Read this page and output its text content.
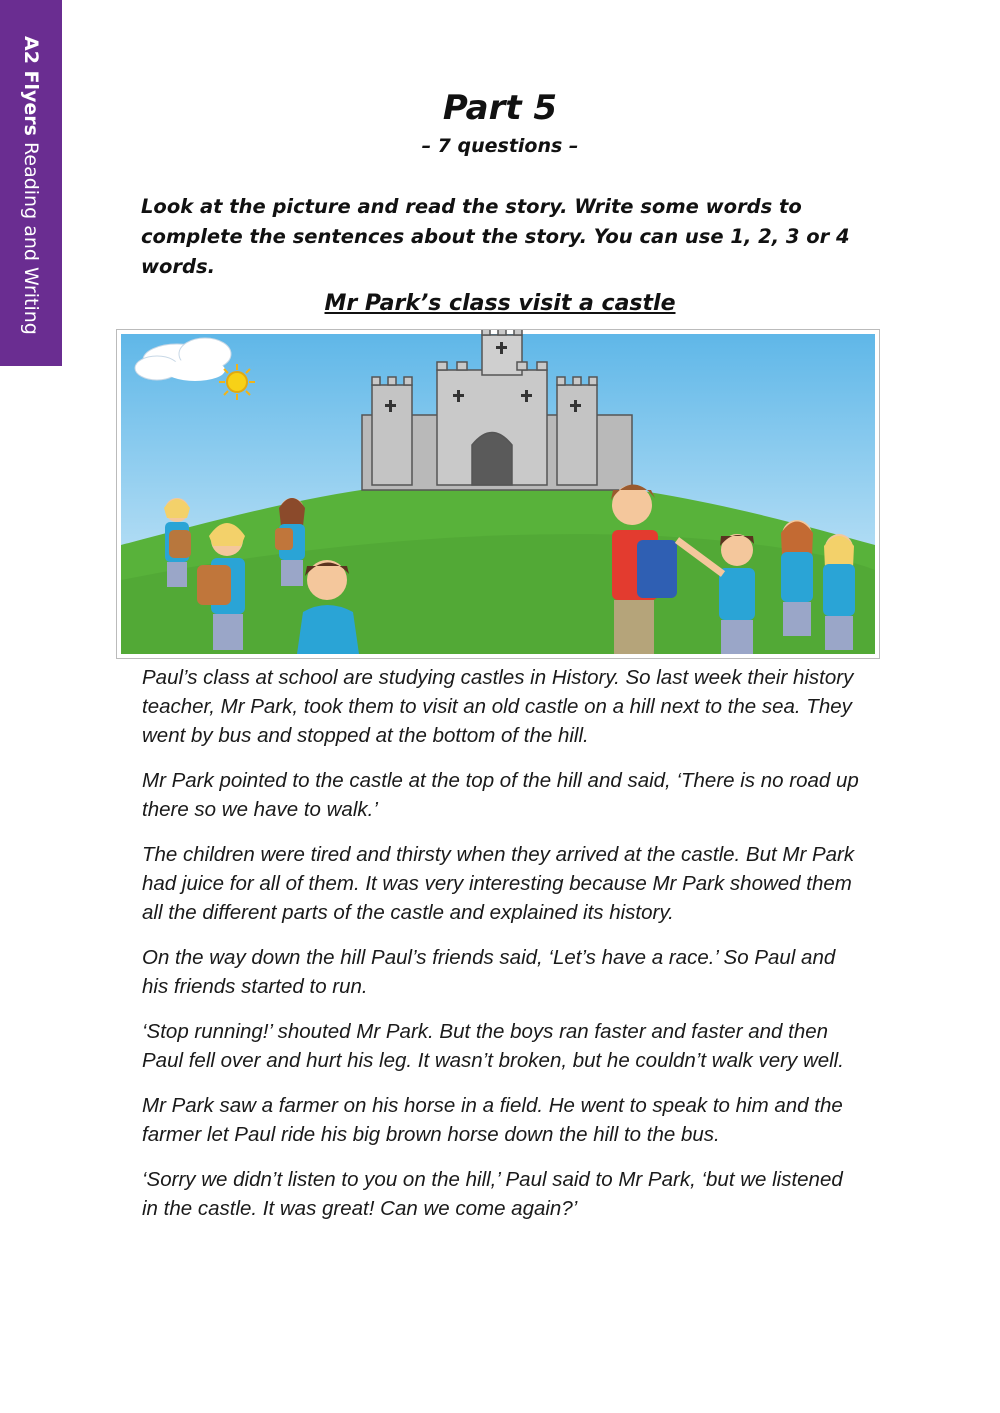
A2 Flyers Reading and Writing
Part 5
– 7 questions –
Look at the picture and read the story. Write some words to complete the sentences about the story. You can use 1, 2, 3 or 4 words.
Mr Park’s class visit a castle

Paul’s class at school are studying castles in History. So last week their history teacher, Mr Park, took them to visit an old castle on a hill next to the sea. They went by bus and stopped at the bottom of the hill.

Mr Park pointed to the castle at the top of the hill and said, ‘There is no road up there so we have to walk.’

The children were tired and thirsty when they arrived at the castle. But Mr Park had juice for all of them. It was very interesting because Mr Park showed them all the different parts of the castle and explained its history.

On the way down the hill Paul’s friends said, ‘Let’s have a race.’ So Paul and his friends started to run.

‘Stop running!’ shouted Mr Park. But the boys ran faster and faster and then Paul fell over and hurt his leg. It wasn’t broken, but he couldn’t walk very well.

Mr Park saw a farmer on his horse in a field. He went to speak to him and the farmer let Paul ride his big brown horse down the hill to the bus.

‘Sorry we didn’t listen to you on the hill,’ Paul said to Mr Park, ‘but we listened in the castle. It was great! Can we come again?’
